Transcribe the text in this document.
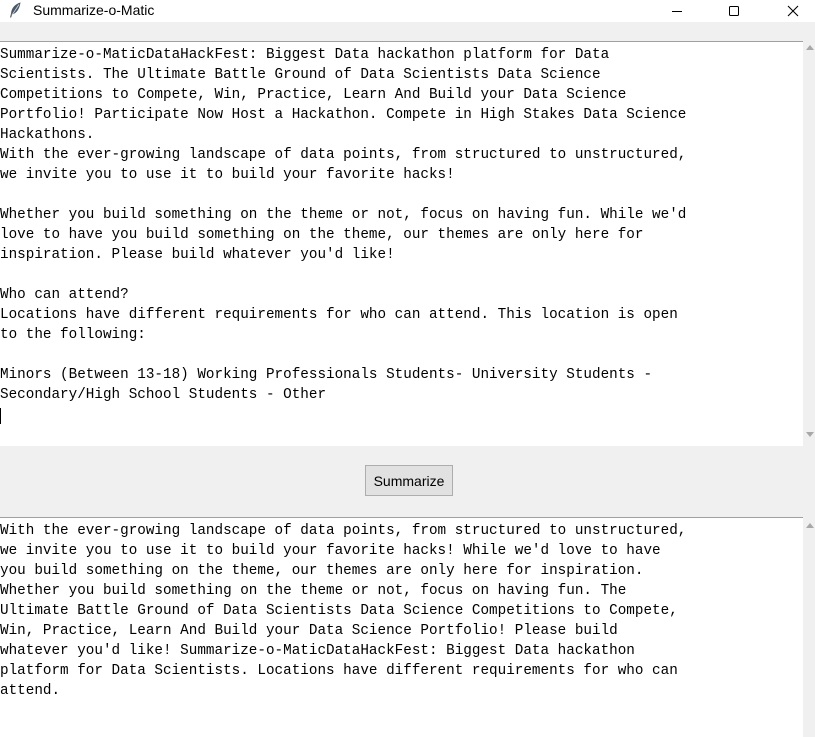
Summarize-o-Matic
Summarize-o-MaticDataHackFest: Biggest Data hackathon platform for Data
Scientists. The Ultimate Battle Ground of Data Scientists Data Science
Competitions to Compete, Win, Practice, Learn And Build your Data Science
Portfolio! Participate Now Host a Hackathon. Compete in High Stakes Data Science
Hackathons.
With the ever-growing landscape of data points, from structured to unstructured,
we invite you to use it to build your favorite hacks!

Whether you build something on the theme or not, focus on having fun. While we'd
love to have you build something on the theme, our themes are only here for
inspiration. Please build whatever you'd like!

Who can attend?
Locations have different requirements for who can attend. This location is open
to the following:

Minors (Between 13-18) Working Professionals Students- University Students -
Secondary/High School Students - Other
Summarize
With the ever-growing landscape of data points, from structured to unstructured,
we invite you to use it to build your favorite hacks! While we'd love to have
you build something on the theme, our themes are only here for inspiration.
Whether you build something on the theme or not, focus on having fun. The
Ultimate Battle Ground of Data Scientists Data Science Competitions to Compete,
Win, Practice, Learn And Build your Data Science Portfolio! Please build
whatever you'd like! Summarize-o-MaticDataHackFest: Biggest Data hackathon
platform for Data Scientists. Locations have different requirements for who can
attend.
